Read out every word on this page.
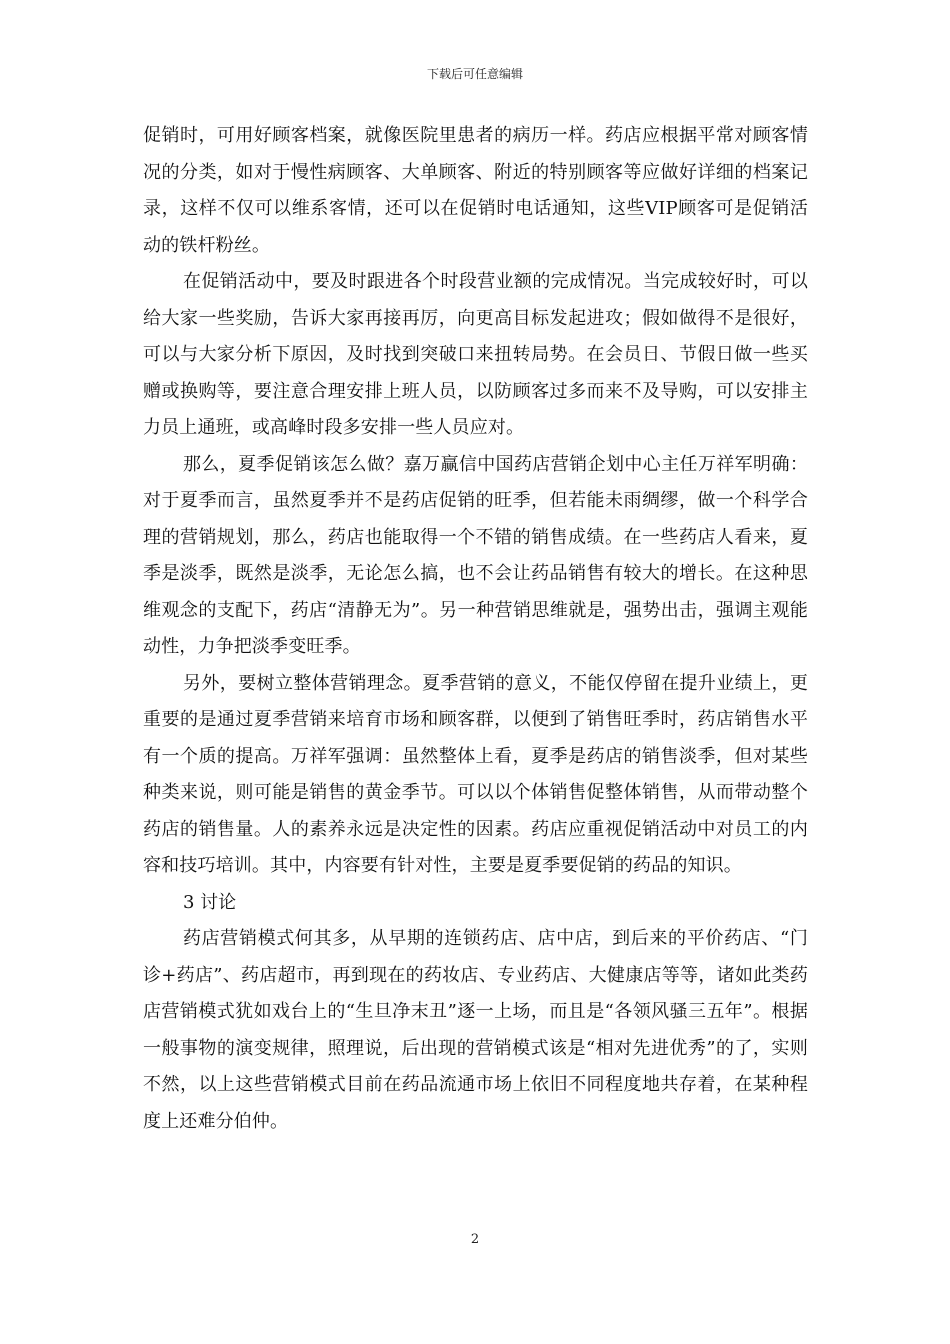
下载后可任意编辑

促销时，可用好顾客档案，就像医院里患者的病历一样。药店应根据平常对顾客情况的分类，如对于慢性病顾客、大单顾客、附近的特别顾客等应做好详细的档案记录，这样不仅可以维系客情，还可以在促销时电话通知，这些VIP顾客可是促销活动的铁杆粉丝。

在促销活动中，要及时跟进各个时段营业额的完成情况。当完成较好时，可以给大家一些奖励，告诉大家再接再厉，向更高目标发起进攻；假如做得不是很好，可以与大家分析下原因，及时找到突破口来扭转局势。在会员日、节假日做一些买赠或换购等，要注意合理安排上班人员，以防顾客过多而来不及导购，可以安排主力员上通班，或高峰时段多安排一些人员应对。

那么，夏季促销该怎么做？嘉万赢信中国药店营销企划中心主任万祥军明确：对于夏季而言，虽然夏季并不是药店促销的旺季，但若能未雨绸缪，做一个科学合理的营销规划，那么，药店也能取得一个不错的销售成绩。在一些药店人看来，夏季是淡季，既然是淡季，无论怎么搞，也不会让药品销售有较大的增长。在这种思维观念的支配下，药店“清静无为”。另一种营销思维就是，强势出击，强调主观能动性，力争把淡季变旺季。

另外，要树立整体营销理念。夏季营销的意义，不能仅停留在提升业绩上，更重要的是通过夏季营销来培育市场和顾客群，以便到了销售旺季时，药店销售水平有一个质的提高。万祥军强调：虽然整体上看，夏季是药店的销售淡季，但对某些种类来说，则可能是销售的黄金季节。可以以个体销售促整体销售，从而带动整个药店的销售量。人的素养永远是决定性的因素。药店应重视促销活动中对员工的内容和技巧培训。其中，内容要有针对性，主要是夏季要促销的药品的知识。

3 讨论

药店营销模式何其多，从早期的连锁药店、店中店，到后来的平价药店、“门诊+药店”、药店超市，再到现在的药妆店、专业药店、大健康店等等，诸如此类药店营销模式犹如戏台上的“生旦净末丑”逐一上场，而且是“各领风骚三五年”。根据一般事物的演变规律，照理说，后出现的营销模式该是“相对先进优秀”的了，实则不然，以上这些营销模式目前在药品流通市场上依旧不同程度地共存着，在某种程度上还难分伯仲。

2
